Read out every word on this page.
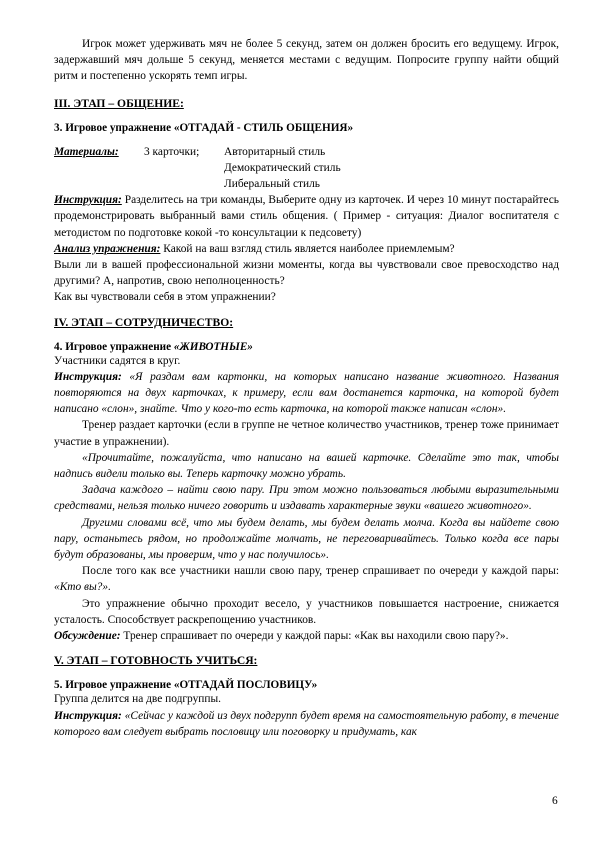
Игрок может удерживать мяч не более 5 секунд, затем он должен бросить его ведущему. Игрок, задержавший мяч дольше 5 секунд, меняется местами с ведущим. Попросите группу найти общий ритм и постепенно ускорять темп игры.

III. ЭТАП – ОБЩЕНИЕ:
3. Игровое упражнение «ОТГАДАЙ - СТИЛЬ ОБЩЕНИЯ»
Материалы:	3 карточки;	Авторитарный стиль
Демократический стиль
Либеральный стиль

Инструкция: Разделитесь на три команды, Выберите одну из карточек. И через 10 минут постарайтесь продемонстрировать выбранный вами стиль общения. ( Пример - ситуация: Диалог воспитателя с методистом по подготовке кокой -то консультации к педсовету)

Анализ упражнения: Какой на ваш взгляд стиль является наиболее приемлемым?

Выли ли в вашей профессиональной жизни моменты, когда вы чувствовали свое превосходство над другими? А, напротив, свою неполноценность?

Как вы чувствовали себя в этом упражнении?

IV. ЭТАП – СОТРУДНИЧЕСТВО:
4. Игровое упражнение «ЖИВОТНЫЕ»

Участники садятся в круг.

Инструкция: «Я раздам вам картонки, на которых написано название животного. Названия повторяются на двух карточках, к примеру, если вам достанется карточка, на которой будет написано «слон», знайте. Что у кого-то есть карточка, на которой также написан «слон».

Тренер раздает карточки (если в группе не четное количество участников, тренер тоже принимает участие в упражнении).

«Прочитайте, пожалуйста, что написано на вашей карточке. Сделайте это так, чтобы надпись видели только вы. Теперь карточку можно убрать.

Задача каждого – найти свою пару. При этом можно пользоваться любыми выразительными средствами, нельзя только ничего говорить и издавать характерные звуки «вашего животного».

Другими словами всё, что мы будем делать, мы будем делать молча. Когда вы найдете свою пару, останьтесь рядом, но продолжайте молчать, не переговаривайтесь. Только когда все пары будут образованы, мы проверим, что у нас получилось».

После того как все участники нашли свою пару, тренер спрашивает по очереди у каждой пары: «Кто вы?».

Это упражнение обычно проходит весело, у участников повышается настроение, снижается усталость. Способствует раскрепощению участников.

Обсуждение: Тренер спрашивает по очереди у каждой пары: «Как вы находили свою пару?».

V. ЭТАП – ГОТОВНОСТЬ УЧИТЬСЯ:
5. Игровое упражнение «ОТГАДАЙ ПОСЛОВИЦУ»

Группа делится на две подгруппы.

Инструкция: «Сейчас у каждой из двух подгрупп будет время на самостоятельную работу, в течение которого вам следует выбрать пословицу или поговорку и придумать, как

6
